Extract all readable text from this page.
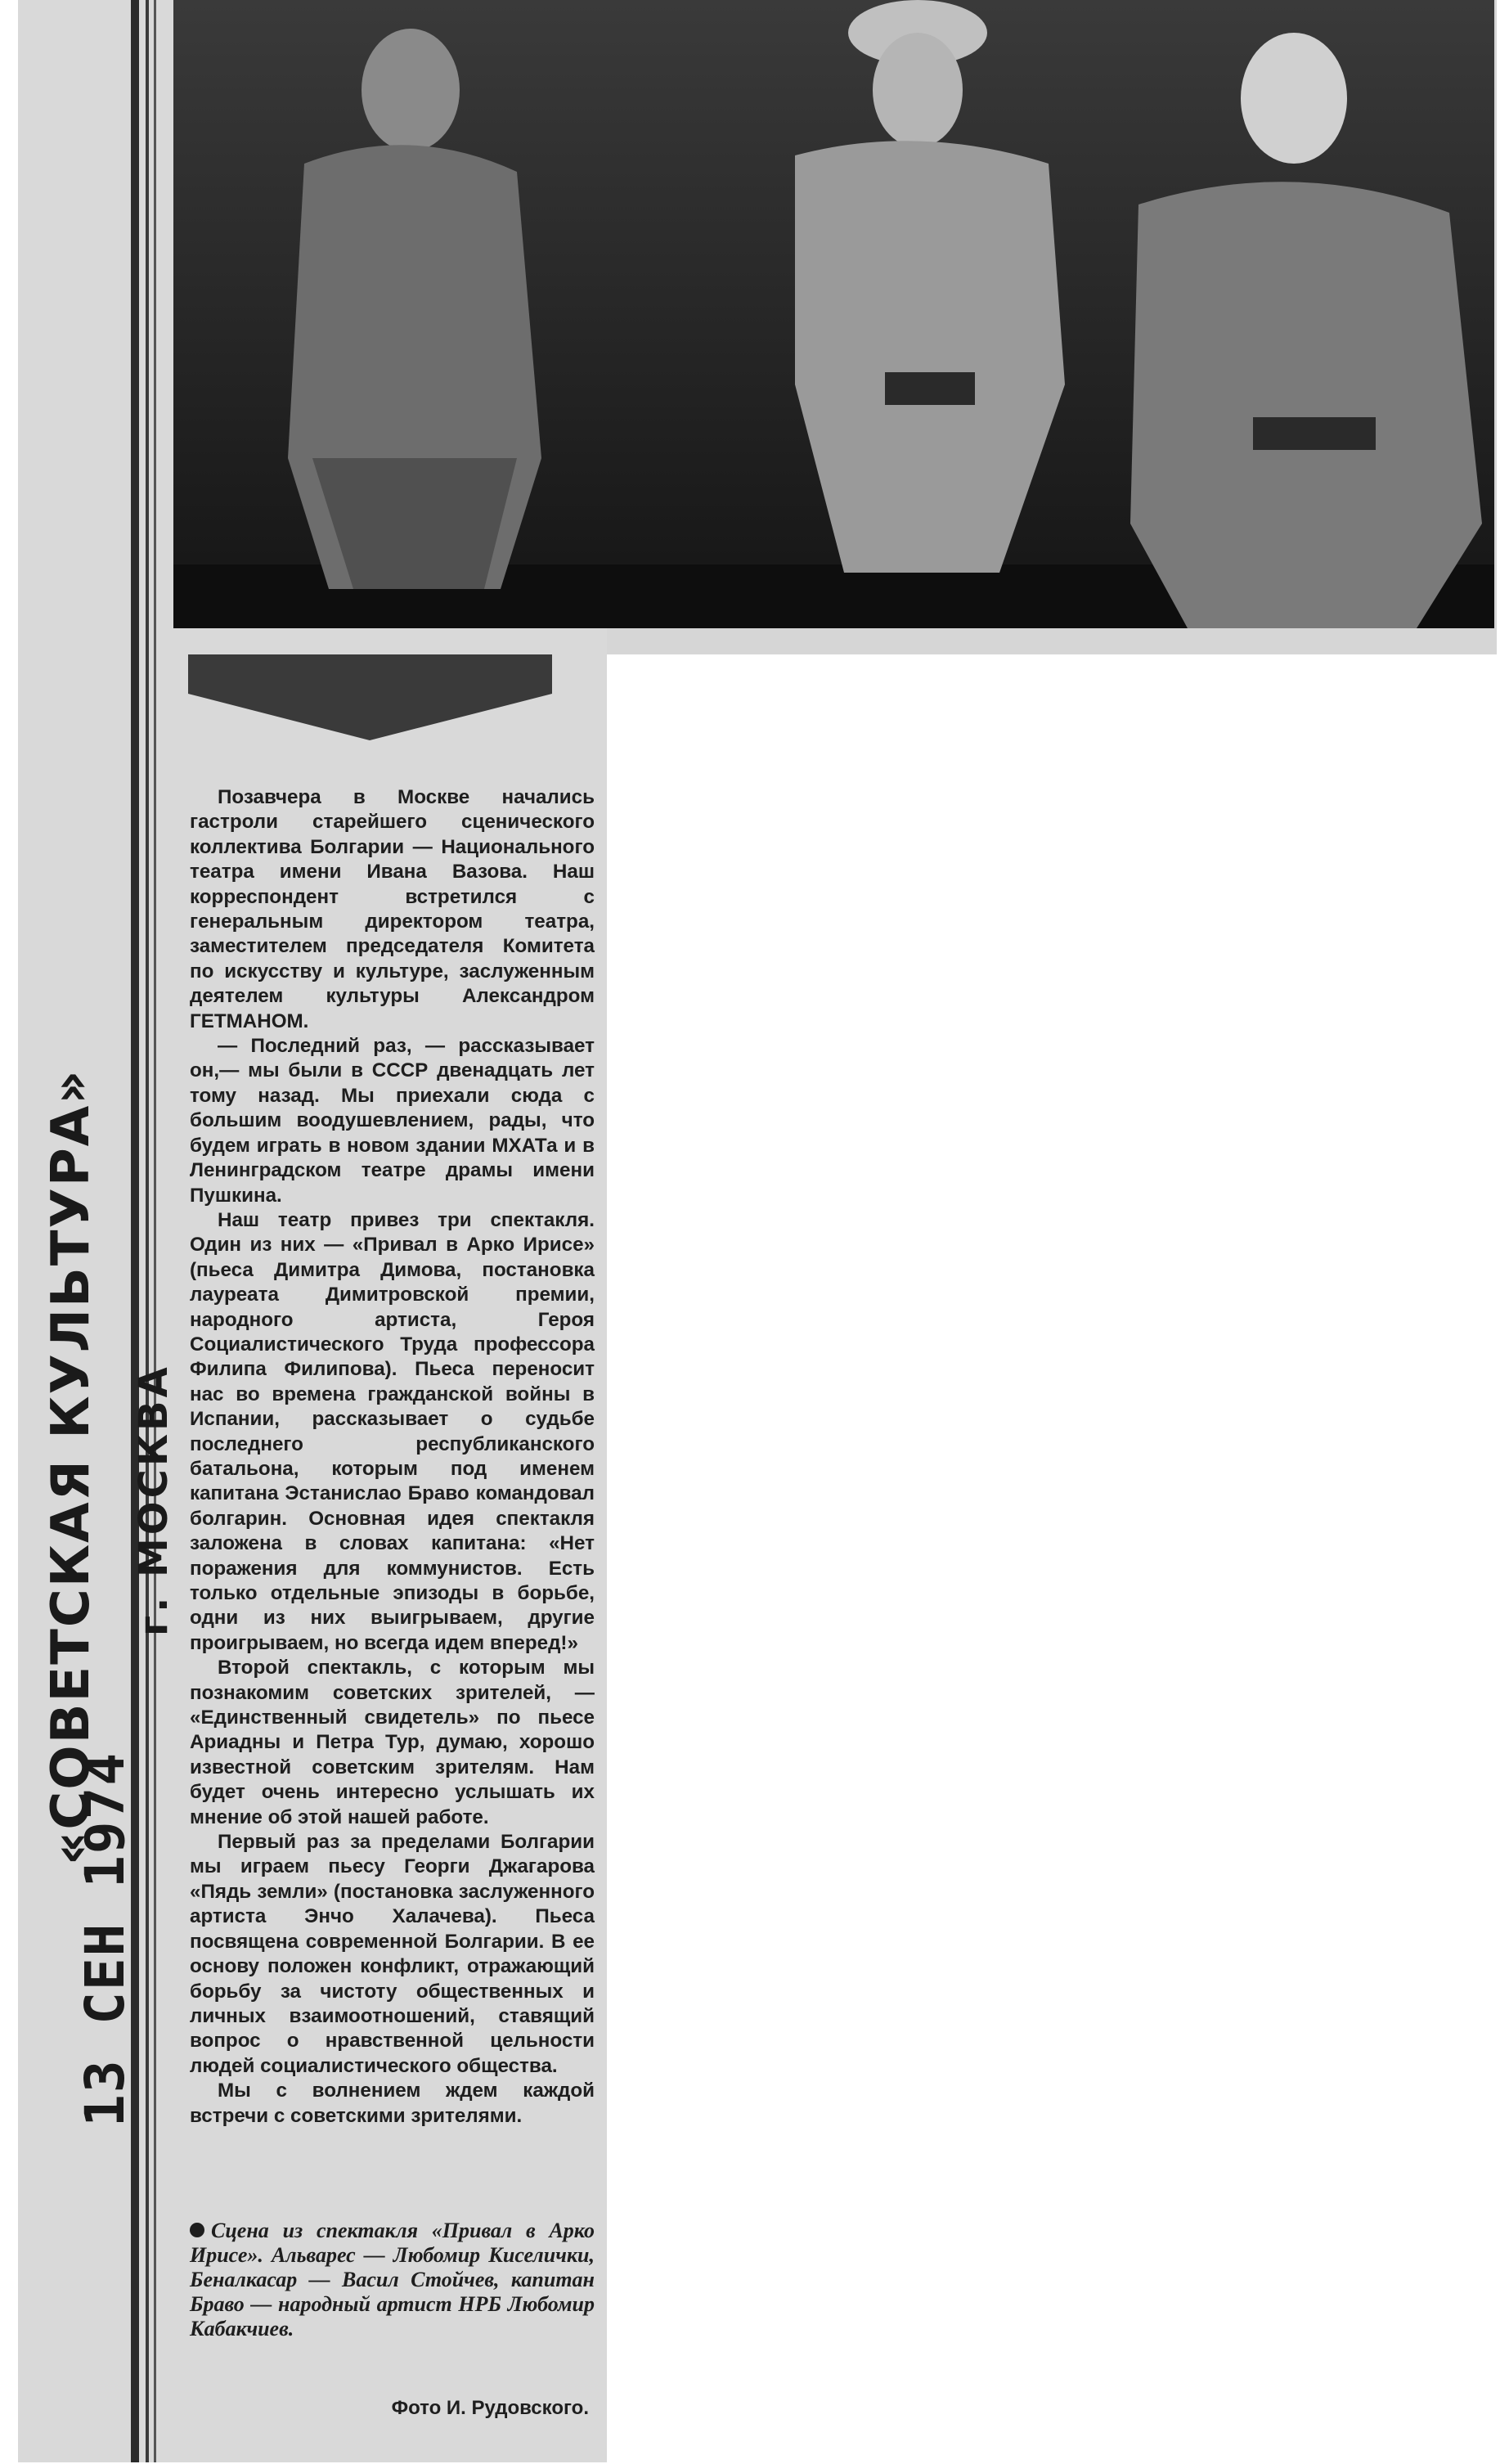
«СОВЕТСКАЯ КУЛЬТУРА» г. МОСКВА
13 СЕН 1974

Позавчера в Москве начались гастроли старейшего сценического коллектива Болгарии — Национального театра имени Ивана Вазова. Наш корреспондент встретился с генеральным директором театра, заместителем председателя Комитета по искусству и культуре, заслуженным деятелем культуры Александром ГЕТМАНОМ.

— Последний раз, — рассказывает он,— мы были в СССР двенадцать лет тому назад. Мы приехали сюда с большим воодушевлением, рады, что будем играть в новом здании МХАТа и в Ленинградском театре драмы имени Пушкина.

Наш театр привез три спектакля. Один из них — «Привал в Арко Ирисе» (пьеса Димитра Димова, постановка лауреата Димитровской премии, народного артиста, Героя Социалистического Труда профессора Филипа Филипова). Пьеса переносит нас во времена гражданской войны в Испании, рассказывает о судьбе последнего республиканского батальона, которым под именем капитана Эстанислао Браво командовал болгарин. Основная идея спектакля заложена в словах капитана: «Нет поражения для коммунистов. Есть только отдельные эпизоды в борьбе, одни из них выигрываем, другие проигрываем, но всегда идем вперед!»

Второй спектакль, с которым мы познакомим советских зрителей, — «Единственный свидетель» по пьесе Ариадны и Петра Тур, думаю, хорошо известной советским зрителям. Нам будет очень интересно услышать их мнение об этой нашей работе.

Первый раз за пределами Болгарии мы играем пьесу Георги Джагарова «Пядь земли» (постановка заслуженного артиста Энчо Халачева). Пьеса посвящена современной Болгарии. В ее основу положен конфликт, отражающий борьбу за чистоту общественных и личных взаимоотношений, ставящий вопрос о нравственной цельности людей социалистического общества.

Мы с волнением ждем каждой встречи с советскими зрителями.

Сцена из спектакля «Привал в Арко Ирисе». Альварес — Любомир Киселички, Беналкасар — Васил Стойчев, капитан Браво — народный артист НРБ Любомир Кабакчиев.
Фото И. Рудовского.
